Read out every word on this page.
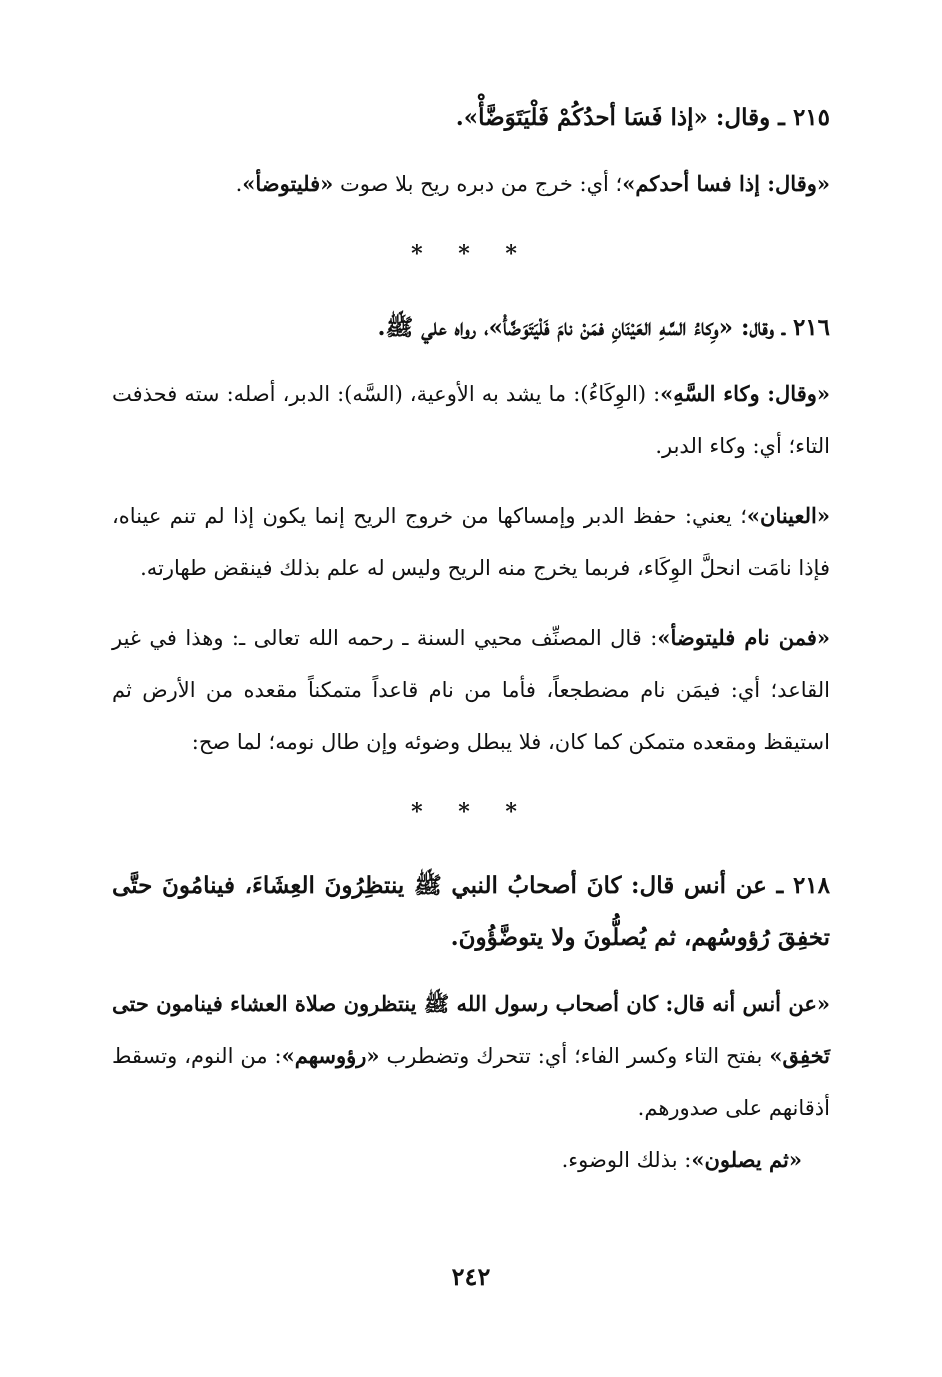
٢١٥ ـ وقال: «إذا فَسَا أحدُكُمْ فَلْيَتَوَضَّأْ».

«وقال: إذا فسا أحدكم»؛ أي: خرج من دبره ريح بلا صوت «فليتوضأ».

* * *

٢١٦ ـ وقال: «وِكاءُ السَّهِ العَيْنَانِ فمَنْ نامَ فَلْيَتَوَضَّأْ»، رواه علي ﷺ.

«وقال: وكاء السَّهِ»: (الوِكَاءُ): ما يشد به الأوعية، (السَّه): الدبر، أصله: سته فحذفت التاء؛ أي: وكاء الدبر.

«العينان»؛ يعني: حفظ الدبر وإمساكها من خروج الريح إنما يكون إذا لم تنم عيناه، فإذا نامَت انحلَّ الوِكَاء، فربما يخرج منه الريح وليس له علم بذلك فينقض طهارته.

«فمن نام فليتوضأ»: قال المصنِّف محيي السنة ـ رحمه الله تعالى ـ: وهذا في غير القاعد؛ أي: فيمَن نام مضطجعاً، فأما من نام قاعداً متمكناً مقعده من الأرض ثم استيقظ ومقعده متمكن كما كان، فلا يبطل وضوئه وإن طال نومه؛ لما صح:

* * *

٢١٨ ـ عن أنس قال: كانَ أصحابُ النبي ﷺ ينتظِرُونَ العِشَاءَ، فينامُونَ حتَّى تخفِقَ رُؤوسُهم، ثم يُصلُّونَ ولا يتوضَّؤُونَ.

«عن أنس أنه قال: كان أصحاب رسول الله ﷺ ينتظرون صلاة العشاء فينامون حتى تَخفِق» بفتح التاء وكسر الفاء؛ أي: تتحرك وتضطرب «رؤوسهم»: من النوم، وتسقط أذقانهم على صدورهم.

«ثم يصلون»: بذلك الوضوء.

٢٤٢
